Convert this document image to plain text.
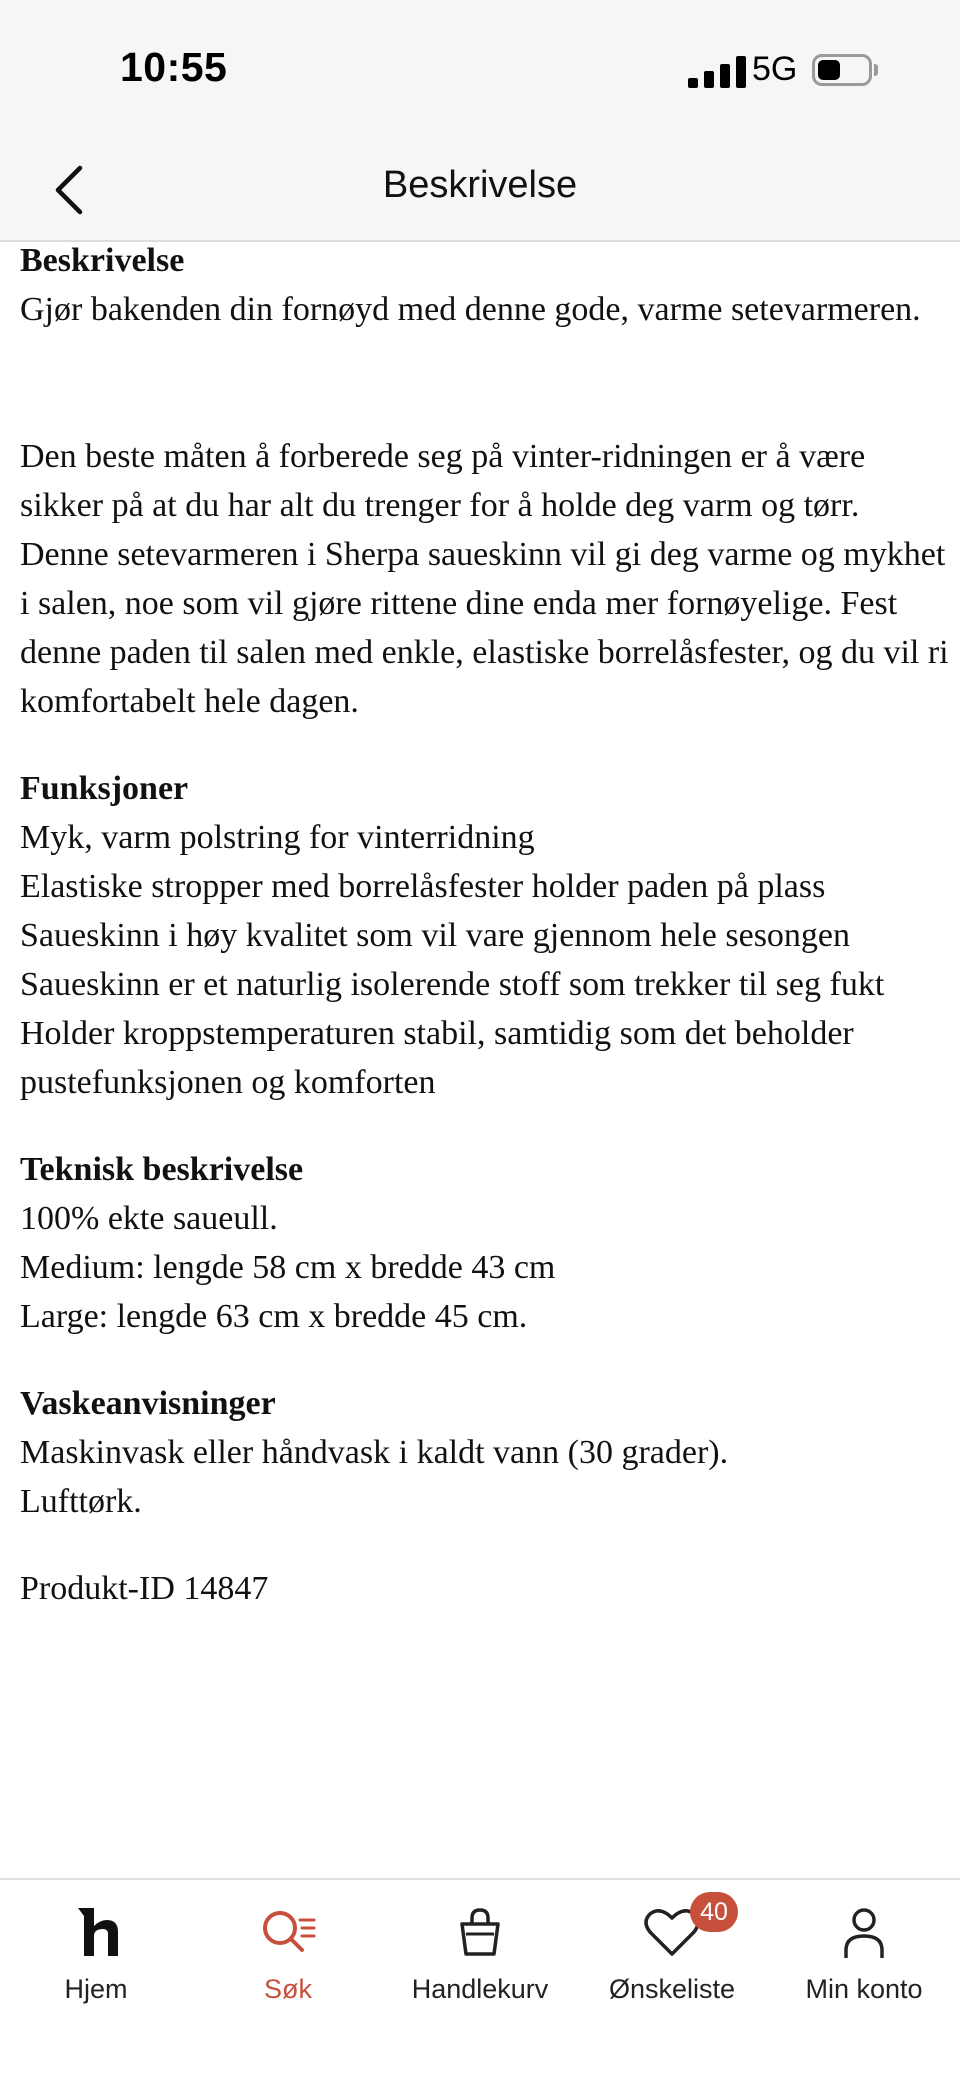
10:55	5G
Beskrivelse
Beskrivelse

Gjør bakenden din fornøyd med denne gode, varme setevarmeren.

Den beste måten å forberede seg på vinter-ridningen er å være sikker på at du har alt du trenger for å holde deg varm og tørr. Denne setevarmeren i Sherpa saueskinn vil gi deg varme og mykhet i salen, noe som vil gjøre rittene dine enda mer fornøyelige. Fest denne paden til salen med enkle, elastiske borrelåsfester, og du vil ri komfortabelt hele dagen.

Funksjoner

Myk, varm polstring for vinterridning

Elastiske stropper med borrelåsfester holder paden på plass

Saueskinn i høy kvalitet som vil vare gjennom hele sesongen

Saueskinn er et naturlig isolerende stoff som trekker til seg fukt

Holder kroppstemperaturen stabil, samtidig som det beholder pustefunksjonen og komforten

Teknisk beskrivelse

100% ekte saueull.

Medium: lengde 58 cm x bredde 43 cm

Large: lengde 63 cm x bredde 45 cm.

Vaskeanvisninger

Maskinvask eller håndvask i kaldt vann (30 grader).

Lufttørk.

Produkt-ID 14847

Hjem	Søk	Handlekurv
40
Ønskeliste	Min konto
